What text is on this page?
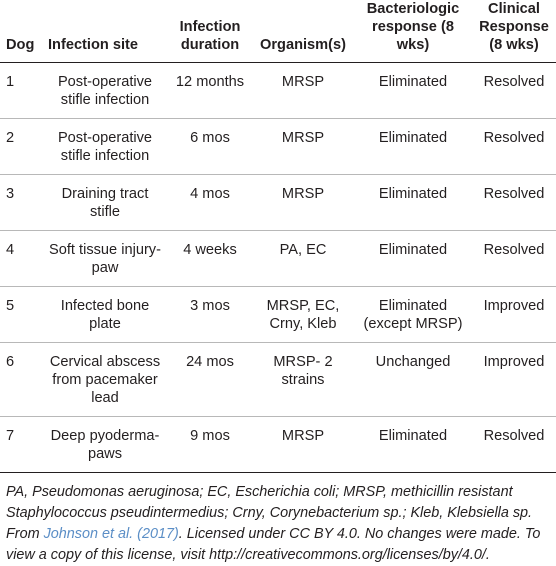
Dog	Infection site	Infection duration	Organism(s)	Bacteriologic response (8 wks)	Clinical Response (8 wks)
1	Post-operative stifle infection	12 months	MRSP	Eliminated	Resolved
2	Post-operative stifle infection	6 mos	MRSP	Eliminated	Resolved
3	Draining tract stifle	4 mos	MRSP	Eliminated	Resolved
4	Soft tissue injury-paw	4 weeks	PA, EC	Eliminated	Resolved
5	Infected bone plate	3 mos	MRSP, EC, Crny, Kleb	Eliminated (except MRSP)	Improved
6	Cervical abscess from pacemaker lead	24 mos	MRSP- 2 strains	Unchanged	Improved
7	Deep pyoderma-paws	9 mos	MRSP	Eliminated	Resolved

PA, Pseudomonas aeruginosa; EC, Escherichia coli; MRSP, methicillin resistant Staphylococcus pseudintermedius; Crny, Corynebacterium sp.; Kleb, Klebsiella sp. From Johnson et al. (2017). Licensed under CC BY 4.0. No changes were made. To view a copy of this license, visit http://creativecommons.org/licenses/by/4.0/.
